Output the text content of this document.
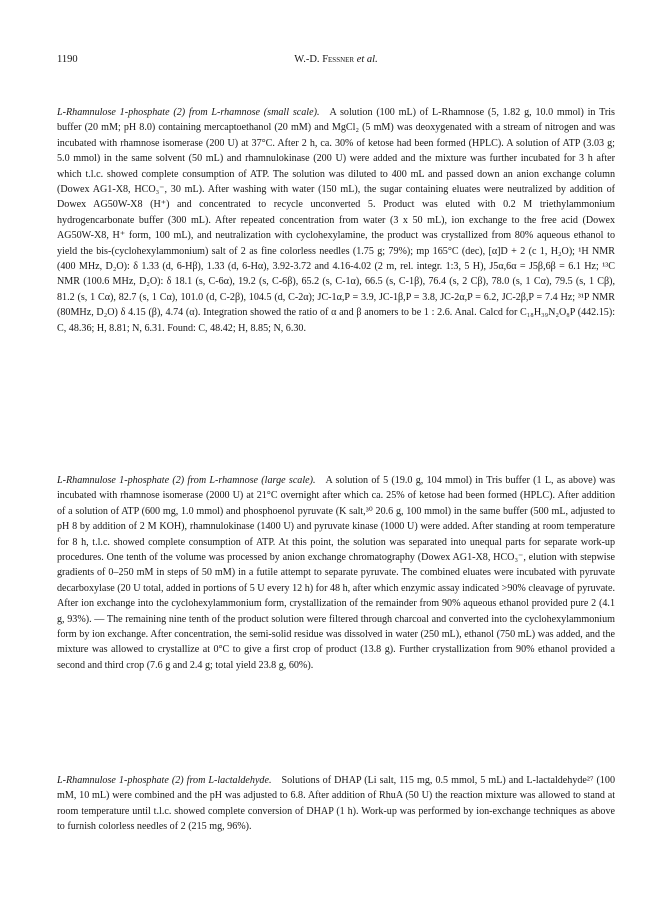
1190	W.-D. Fessner et al.

L-Rhamnulose 1-phosphate (2) from L-rhamnose (small scale). A solution (100 mL) of L-Rhamnose (5, 1.82 g, 10.0 mmol) in Tris buffer (20 mM; pH 8.0) containing mercaptoethanol (20 mM) and MgCl₂ (5 mM) was deoxygenated with a stream of nitrogen and was incubated with rhamnose isomerase (200 U) at 37°C. After 2 h, ca. 30% of ketose had been formed (HPLC). A solution of ATP (3.03 g; 5.0 mmol) in the same solvent (50 mL) and rhamnulokinase (200 U) were added and the mixture was further incubated for 3 h after which t.l.c. showed complete consumption of ATP. The solution was diluted to 400 mL and passed down an anion exchange column (Dowex AG1-X8, HCO₃⁻, 30 mL). After washing with water (150 mL), the sugar containing eluates were neutralized by addition of Dowex AG50W-X8 (H⁺) and concentrated to recycle unconverted 5. Product was eluted with 0.2 M triethylammonium hydrogencarbonate buffer (300 mL). After repeated concentration from water (3 x 50 mL), ion exchange to the free acid (Dowex AG50W-X8, H⁺ form, 100 mL), and neutralization with cyclohexylamine, the product was crystallized from 80% aqueous ethanol to yield the bis-(cyclohexylammonium) salt of 2 as fine colorless needles (1.75 g; 79%); mp 165°C (dec), [α]D + 2 (c 1, H₂O); ¹H NMR (400 MHz, D₂O): δ 1.33 (d, 6-Hβ), 1.33 (d, 6-Hα), 3.92-3.72 and 4.16-4.02 (2 m, rel. integr. 1:3, 5 H), J5α,6α = J5β,6β = 6.1 Hz; ¹³C NMR (100.6 MHz, D₂O): δ 18.1 (s, C-6α), 19.2 (s, C-6β), 65.2 (s, C-1α), 66.5 (s, C-1β), 76.4 (s, 2 Cβ), 78.0 (s, 1 Cα), 79.5 (s, 1 Cβ), 81.2 (s, 1 Cα), 82.7 (s, 1 Cα), 101.0 (d, C-2β), 104.5 (d, C-2α); JC-1α,P = 3.9, JC-1β,P = 3.8, JC-2α,P = 6.2, JC-2β,P = 7.4 Hz; ³¹P NMR (80MHz, D₂O) δ 4.15 (β), 4.74 (α). Integration showed the ratio of α and β anomers to be 1 : 2.6. Anal. Calcd for C₁₈H₃₉N₂O₈P (442.15): C, 48.36; H, 8.81; N, 6.31. Found: C, 48.42; H, 8.85; N, 6.30.

L-Rhamnulose 1-phosphate (2) from L-rhamnose (large scale). A solution of 5 (19.0 g, 104 mmol) in Tris buffer (1 L, as above) was incubated with rhamnose isomerase (2000 U) at 21°C overnight after which ca. 25% of ketose had been formed (HPLC). After addition of a solution of ATP (600 mg, 1.0 mmol) and phosphoenol pyruvate (K salt,³⁰ 20.6 g, 100 mmol) in the same buffer (500 mL, adjusted to pH 8 by addition of 2 M KOH), rhamnulokinase (1400 U) and pyruvate kinase (1000 U) were added. After standing at room temperature for 8 h, t.l.c. showed complete consumption of ATP. At this point, the solution was separated into unequal parts for separate work-up procedures. One tenth of the volume was processed by anion exchange chromatography (Dowex AG1-X8, HCO₃⁻, elution with stepwise gradients of 0–250 mM in steps of 50 mM) in a futile attempt to separate pyruvate. The combined eluates were incubated with pyruvate decarboxylase (20 U total, added in portions of 5 U every 12 h) for 48 h, after which enzymic assay indicated >90% cleavage of pyruvate. After ion exchange into the cyclohexylammonium form, crystallization of the remainder from 90% aqueous ethanol provided pure 2 (4.1 g, 93%). — The remaining nine tenth of the product solution were filtered through charcoal and converted into the cyclohexylammonium form by ion exchange. After concentration, the semi-solid residue was dissolved in water (250 mL), ethanol (750 mL) was added, and the mixture was allowed to crystallize at 0°C to give a first crop of product (13.8 g). Further crystallization from 90% ethanol provided a second and third crop (7.6 g and 2.4 g; total yield 23.8 g, 60%).

L-Rhamnulose 1-phosphate (2) from L-lactaldehyde. Solutions of DHAP (Li salt, 115 mg, 0.5 mmol, 5 mL) and L-lactaldehyde²⁷ (100 mM, 10 mL) were combined and the pH was adjusted to 6.8. After addition of RhuA (50 U) the reaction mixture was allowed to stand at room temperature until t.l.c. showed complete conversion of DHAP (1 h). Work-up was performed by ion-exchange techniques as above to furnish colorless needles of 2 (215 mg, 96%).
